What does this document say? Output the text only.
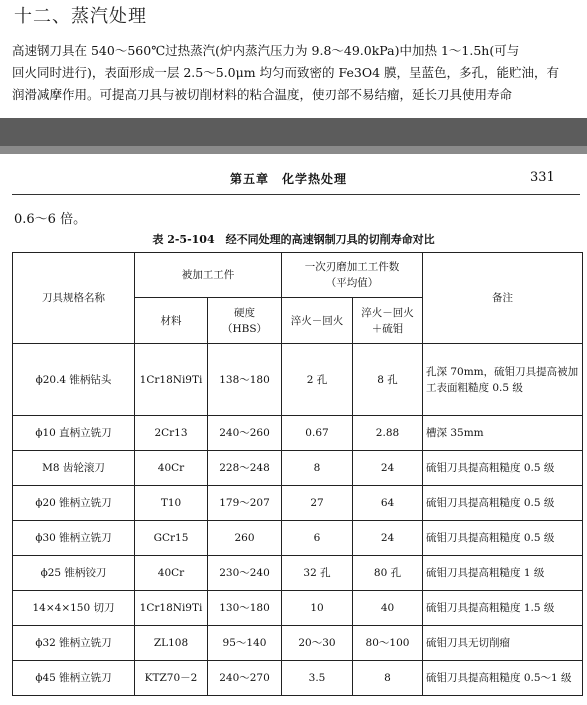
十二、蒸汽处理
高速钢刀具在 540～560℃过热蒸汽(炉内蒸汽压力为 9.8～49.0kPa)中加热 1～1.5h(可与
回火同时进行)，表面形成一层 2.5～5.0μm 均匀而致密的 Fe3O4 膜，呈蓝色，多孔，能贮油，有
润滑减摩作用。可提高刀具与被切削材料的粘合温度，使刃部不易结瘤，延长刀具使用寿命
第五章　化学热处理	331
0.6～6 倍。
表 2-5-104　经不同处理的高速钢制刀具的切削寿命对比
刀具规格名称	被加工工件		一次刃磨加工工件数
（平均值）		备注
	材料	硬度
（HBS）	淬火－回火	淬火－回火
＋硫钼	
ϕ20.4 锥柄钻头	1Cr18Ni9Ti	138～180	2 孔	8 孔	孔深 70mm，硫钼刀具提高被加工表面粗糙度 0.5 级
ϕ10 直柄立铣刀	2Cr13	240～260	0.67	2.88	槽深 35mm
M8 齿轮滚刀	40Cr	228～248	8	24	硫钼刀具提高粗糙度 0.5 级
ϕ20 锥柄立铣刀	T10	179～207	27	64	硫钼刀具提高粗糙度 0.5 级
ϕ30 锥柄立铣刀	GCr15	260	6	24	硫钼刀具提高粗糙度 0.5 级
ϕ25 锥柄铰刀	40Cr	230～240	32 孔	80 孔	硫钼刀具提高粗糙度 1 级
14×4×150 切刀	1Cr18Ni9Ti	130～180	10	40	硫钼刀具提高粗糙度 1.5 级
ϕ32 锥柄立铣刀	ZL108	95～140	20～30	80～100	硫钼刀具无切削瘤
ϕ45 锥柄立铣刀	KTZ70－2	240～270	3.5	8	硫钼刀具提高粗糙度 0.5～1 级
